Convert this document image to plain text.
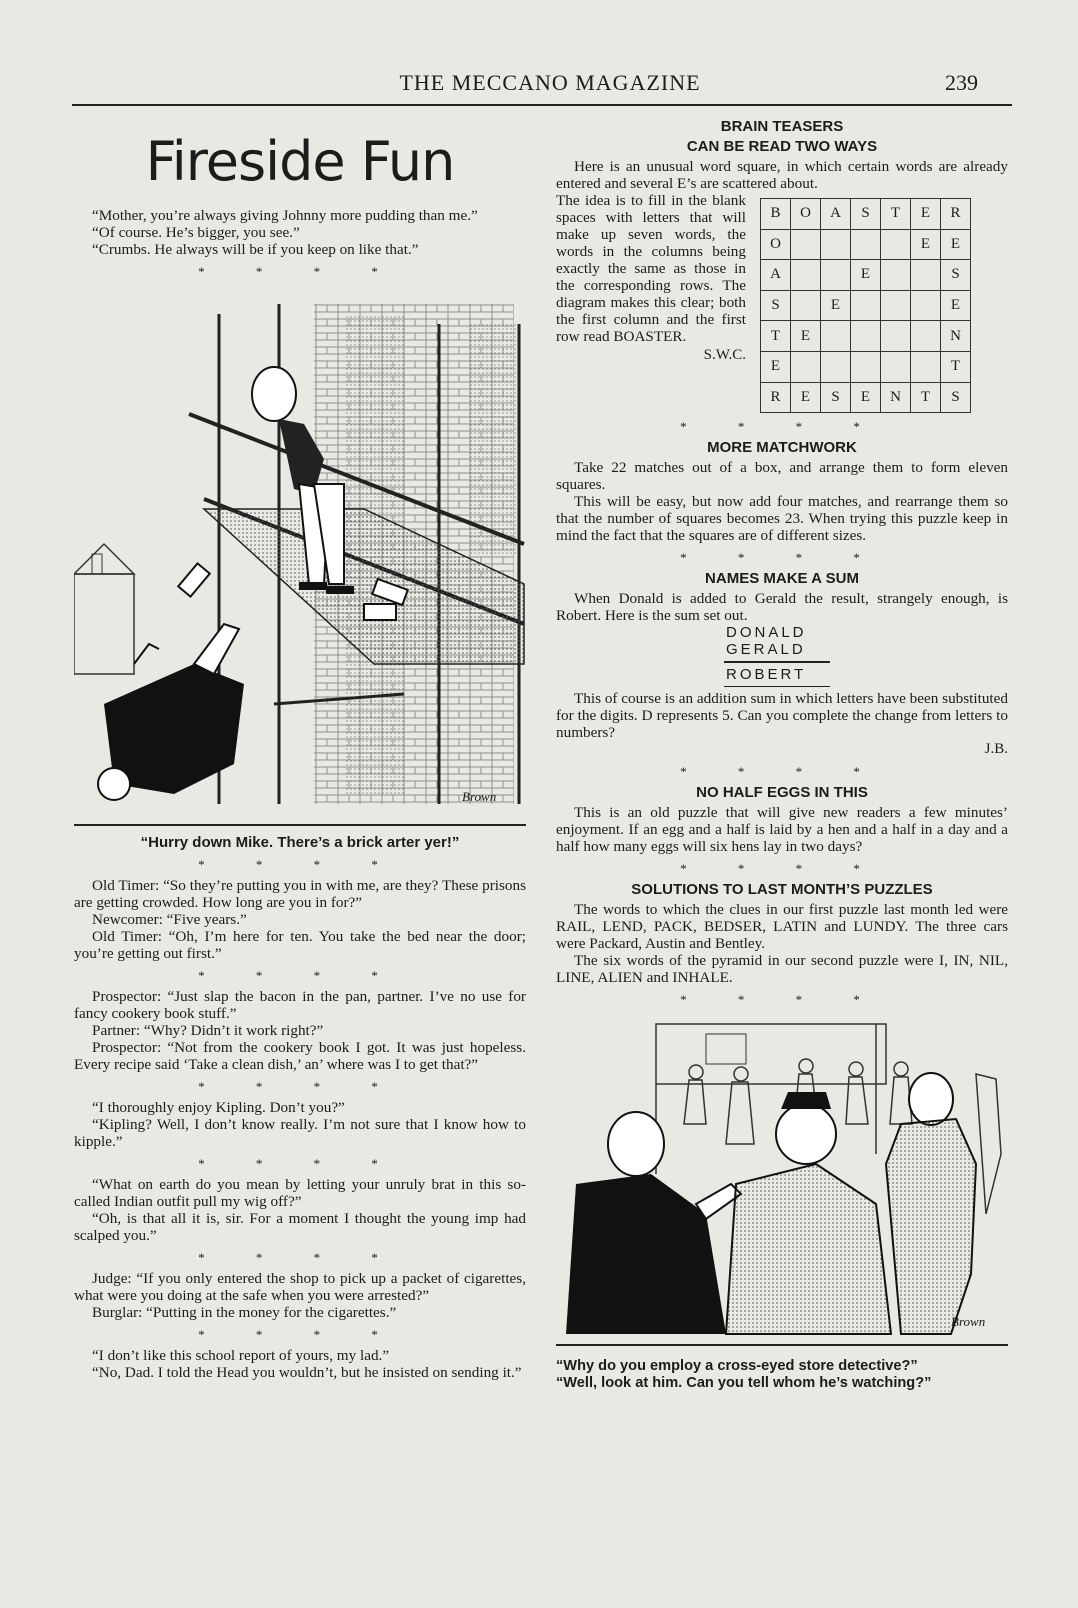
THE MECCANO MAGAZINE	239
Fireside Fun

“Mother, you’re always giving Johnny more pudding than me.”

“Of course. He’s bigger, you see.”

“Crumbs. He always will be if you keep on like that.”

* * * *
Brown
“Hurry down Mike. There’s a brick arter yer!”
* * * *

Old Timer: “So they’re putting you in with me, are they? These prisons are getting crowded. How long are you in for?”

Newcomer: “Five years.”

Old Timer: “Oh, I’m here for ten. You take the bed near the door; you’re getting out first.”

* * * *

Prospector: “Just slap the bacon in the pan, partner. I’ve no use for fancy cookery book stuff.”

Partner: “Why? Didn’t it work right?”

Prospector: “Not from the cookery book I got. It was just hopeless. Every recipe said ‘Take a clean dish,’ an’ where was I to get that?”

* * * *

“I thoroughly enjoy Kipling. Don’t you?”

“Kipling? Well, I don’t know really. I’m not sure that I know how to kipple.”

* * * *

“What on earth do you mean by letting your unruly brat in this so-called Indian outfit pull my wig off?”

“Oh, is that all it is, sir. For a moment I thought the young imp had scalped you.”

* * * *

Judge: “If you only entered the shop to pick up a packet of cigarettes, what were you doing at the safe when you were arrested?”

Burglar: “Putting in the money for the cigarettes.”

* * * *

“I don’t like this school report of yours, my lad.”

“No, Dad. I told the Head you wouldn’t, but he insisted on sending it.”

BRAIN TEASERS
CAN BE READ TWO WAYS

Here is an unusual word square, in which certain words are already entered and several E’s are scattered about.

The idea is to fill in the blank spaces with letters that will make up seven words, the words in the columns being exactly the same as those in the corresponding rows. The diagram makes this clear; both the first column and the first row read BOASTER.

S.W.C.
B	O	A	S	T	E	R
O					E	E
A			E			S
S		E				E
T	E					N
E						T
R	E	S	E	N	T	S
* * * *
MORE MATCHWORK

Take 22 matches out of a box, and arrange them to form eleven squares.

This will be easy, but now add four matches, and rearrange them so that the number of squares becomes 23. When trying this puzzle keep in mind the fact that the squares are of different sizes.

* * * *
NAMES MAKE A SUM

When Donald is added to Gerald the result, strangely enough, is Robert. Here is the sum set out.

DONALD
GERALD
ROBERT

This of course is an addition sum in which letters have been substituted for the digits. D represents 5. Can you complete the change from letters to numbers?

J.B.
* * * *
NO HALF EGGS IN THIS

This is an old puzzle that will give new readers a few minutes’ enjoyment. If an egg and a half is laid by a hen and a half in a day and a half how many eggs will six hens lay in two days?

* * * *
SOLUTIONS TO LAST MONTH’S PUZZLES

The words to which the clues in our first puzzle last month led were RAIL, LEND, PACK, BEDSER, LATIN and LUNDY. The three cars were Packard, Austin and Bentley.

The six words of the pyramid in our second puzzle were I, IN, NIL, LINE, ALIEN and INHALE.

* * * *
Brown
“Why do you employ a cross-eyed store detective?”
“Well, look at him. Can you tell whom he’s watching?”
